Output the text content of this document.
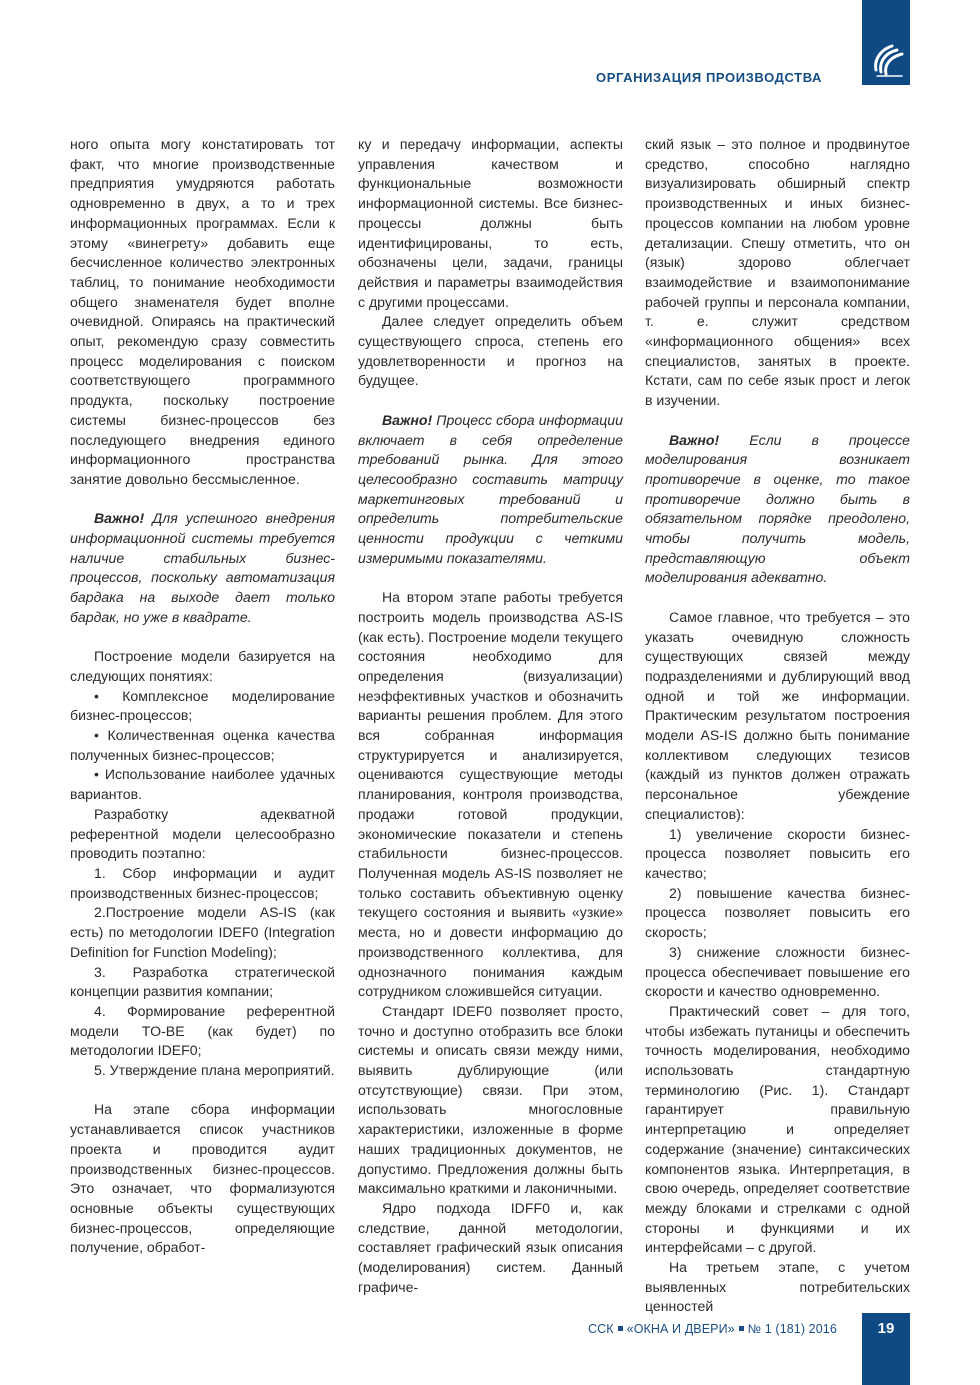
ОРГАНИЗАЦИЯ ПРОИЗВОДСТВА

ного опыта могу констатировать тот факт, что многие производственные предприятия умудряются работать одновременно в двух, а то и трех информационных программах. Если к этому «винегрету» добавить еще бесчисленное количество электронных таблиц, то понимание необходимости общего знаменателя будет вполне очевидной. Опираясь на практический опыт, рекомендую сразу совместить процесс моделирования с поиском соответствующего программного продукта, поскольку построение системы бизнес-процессов без последующего внедрения единого информационного пространства занятие довольно бессмысленное.

Важно! Для успешного внедрения информационной системы требуется наличие стабильных бизнес-процессов, поскольку автоматизация бардака на выходе дает только бардак, но уже в квадрате.

Построение модели базируется на следующих понятиях:

• Комплексное моделирование бизнес-процессов;

• Количественная оценка качества полученных бизнес-процессов;

• Использование наиболее удачных вариантов.

Разработку адекватной референтной модели целесообразно проводить поэтапно:

1. Сбор информации и аудит производственных бизнес-процессов;

2.Построение модели AS-IS (как есть) по методологии IDEF0 (Integration Definition for Function Modeling);

3. Разработка стратегической концепции развития компании;

4. Формирование референтной модели TO-BE (как будет) по методологии IDEF0;

5. Утверждение плана мероприятий.

На этапе сбора информации устанавливается список участников проекта и проводится аудит производственных бизнес-процессов. Это означает, что формализуются основные объекты существующих бизнес-процессов, определяющие получение, обработ-

ку и передачу информации, аспекты управления качеством и функциональные возможности информационной системы. Все бизнес-процессы должны быть идентифицированы, то есть, обозначены цели, задачи, границы действия и параметры взаимодействия с другими процессами.

Далее следует определить объем существующего спроса, степень его удовлетворенности и прогноз на будущее.

Важно! Процесс сбора информации включает в себя определение требований рынка. Для этого целесообразно составить матрицу маркетинговых требований и определить потребительские ценности продукции с четкими измеримыми показателями.

На втором этапе работы требуется построить модель производства AS-IS (как есть). Построение модели текущего состояния необходимо для определения (визуализации) неэффективных участков и обозначить варианты решения проблем. Для этого вся собранная информация структурируется и анализируется, оцениваются существующие методы планирования, контроля производства, продажи готовой продукции, экономические показатели и степень стабильности бизнес-процессов. Полученная модель AS-IS позволяет не только составить объективную оценку текущего состояния и выявить «узкие» места, но и довести информацию до производственного коллектива, для однозначного понимания каждым сотрудником сложившейся ситуации.

Стандарт IDEF0 позволяет просто, точно и доступно отобразить все блоки системы и описать связи между ними, выявить дублирующие (или отсутствующие) связи. При этом, использовать многословные характеристики, изложенные в форме наших традиционных документов, не допустимо. Предложения должны быть максимально краткими и лаконичными.

Ядро подхода IDFF0 и, как следствие, данной методологии, составляет графический язык описания (моделирования) систем. Данный графиче-

ский язык – это полное и продвинутое средство, способно наглядно визуализировать обширный спектр производственных и иных бизнес-процессов компании на любом уровне детализации. Спешу отметить, что он (язык) здорово облегчает взаимодействие и взаимопонимание рабочей группы и персонала компании, т. е. служит средством «информационного общения» всех специалистов, занятых в проекте. Кстати, сам по себе язык прост и легок в изучении.

Важно! Если в процессе моделирования возникает противоречие в оценке, то такое противоречие должно быть в обязательном порядке преодолено, чтобы получить модель, представляющую объект моделирования адекватно.

Самое главное, что требуется – это указать очевидную сложность существующих связей между подразделениями и дублирующий ввод одной и той же информации. Практическим результатом построения модели AS-IS должно быть понимание коллективом следующих тезисов (каждый из пунктов должен отражать персональное убеждение специалистов):

1) увеличение скорости бизнес-процесса позволяет повысить его качество;

2) повышение качества бизнес-процесса позволяет повысить его скорость;

3) снижение сложности бизнес-процесса обеспечивает повышение его скорости и качество одновременно.

Практический совет – для того, чтобы избежать путаницы и обеспечить точность моделирования, необходимо использовать стандартную терминологию (Рис. 1). Стандарт гарантирует правильную интерпретацию и определяет содержание (значение) синтаксических компонентов языка. Интерпретация, в свою очередь, определяет соответствие между блоками и стрелками с одной стороны и функциями и их интерфейсами – с другой.

На третьем этапе, с учетом выявленных потребительских ценностей

ССК «ОКНА И ДВЕРИ» № 1 (181) 2016	19
